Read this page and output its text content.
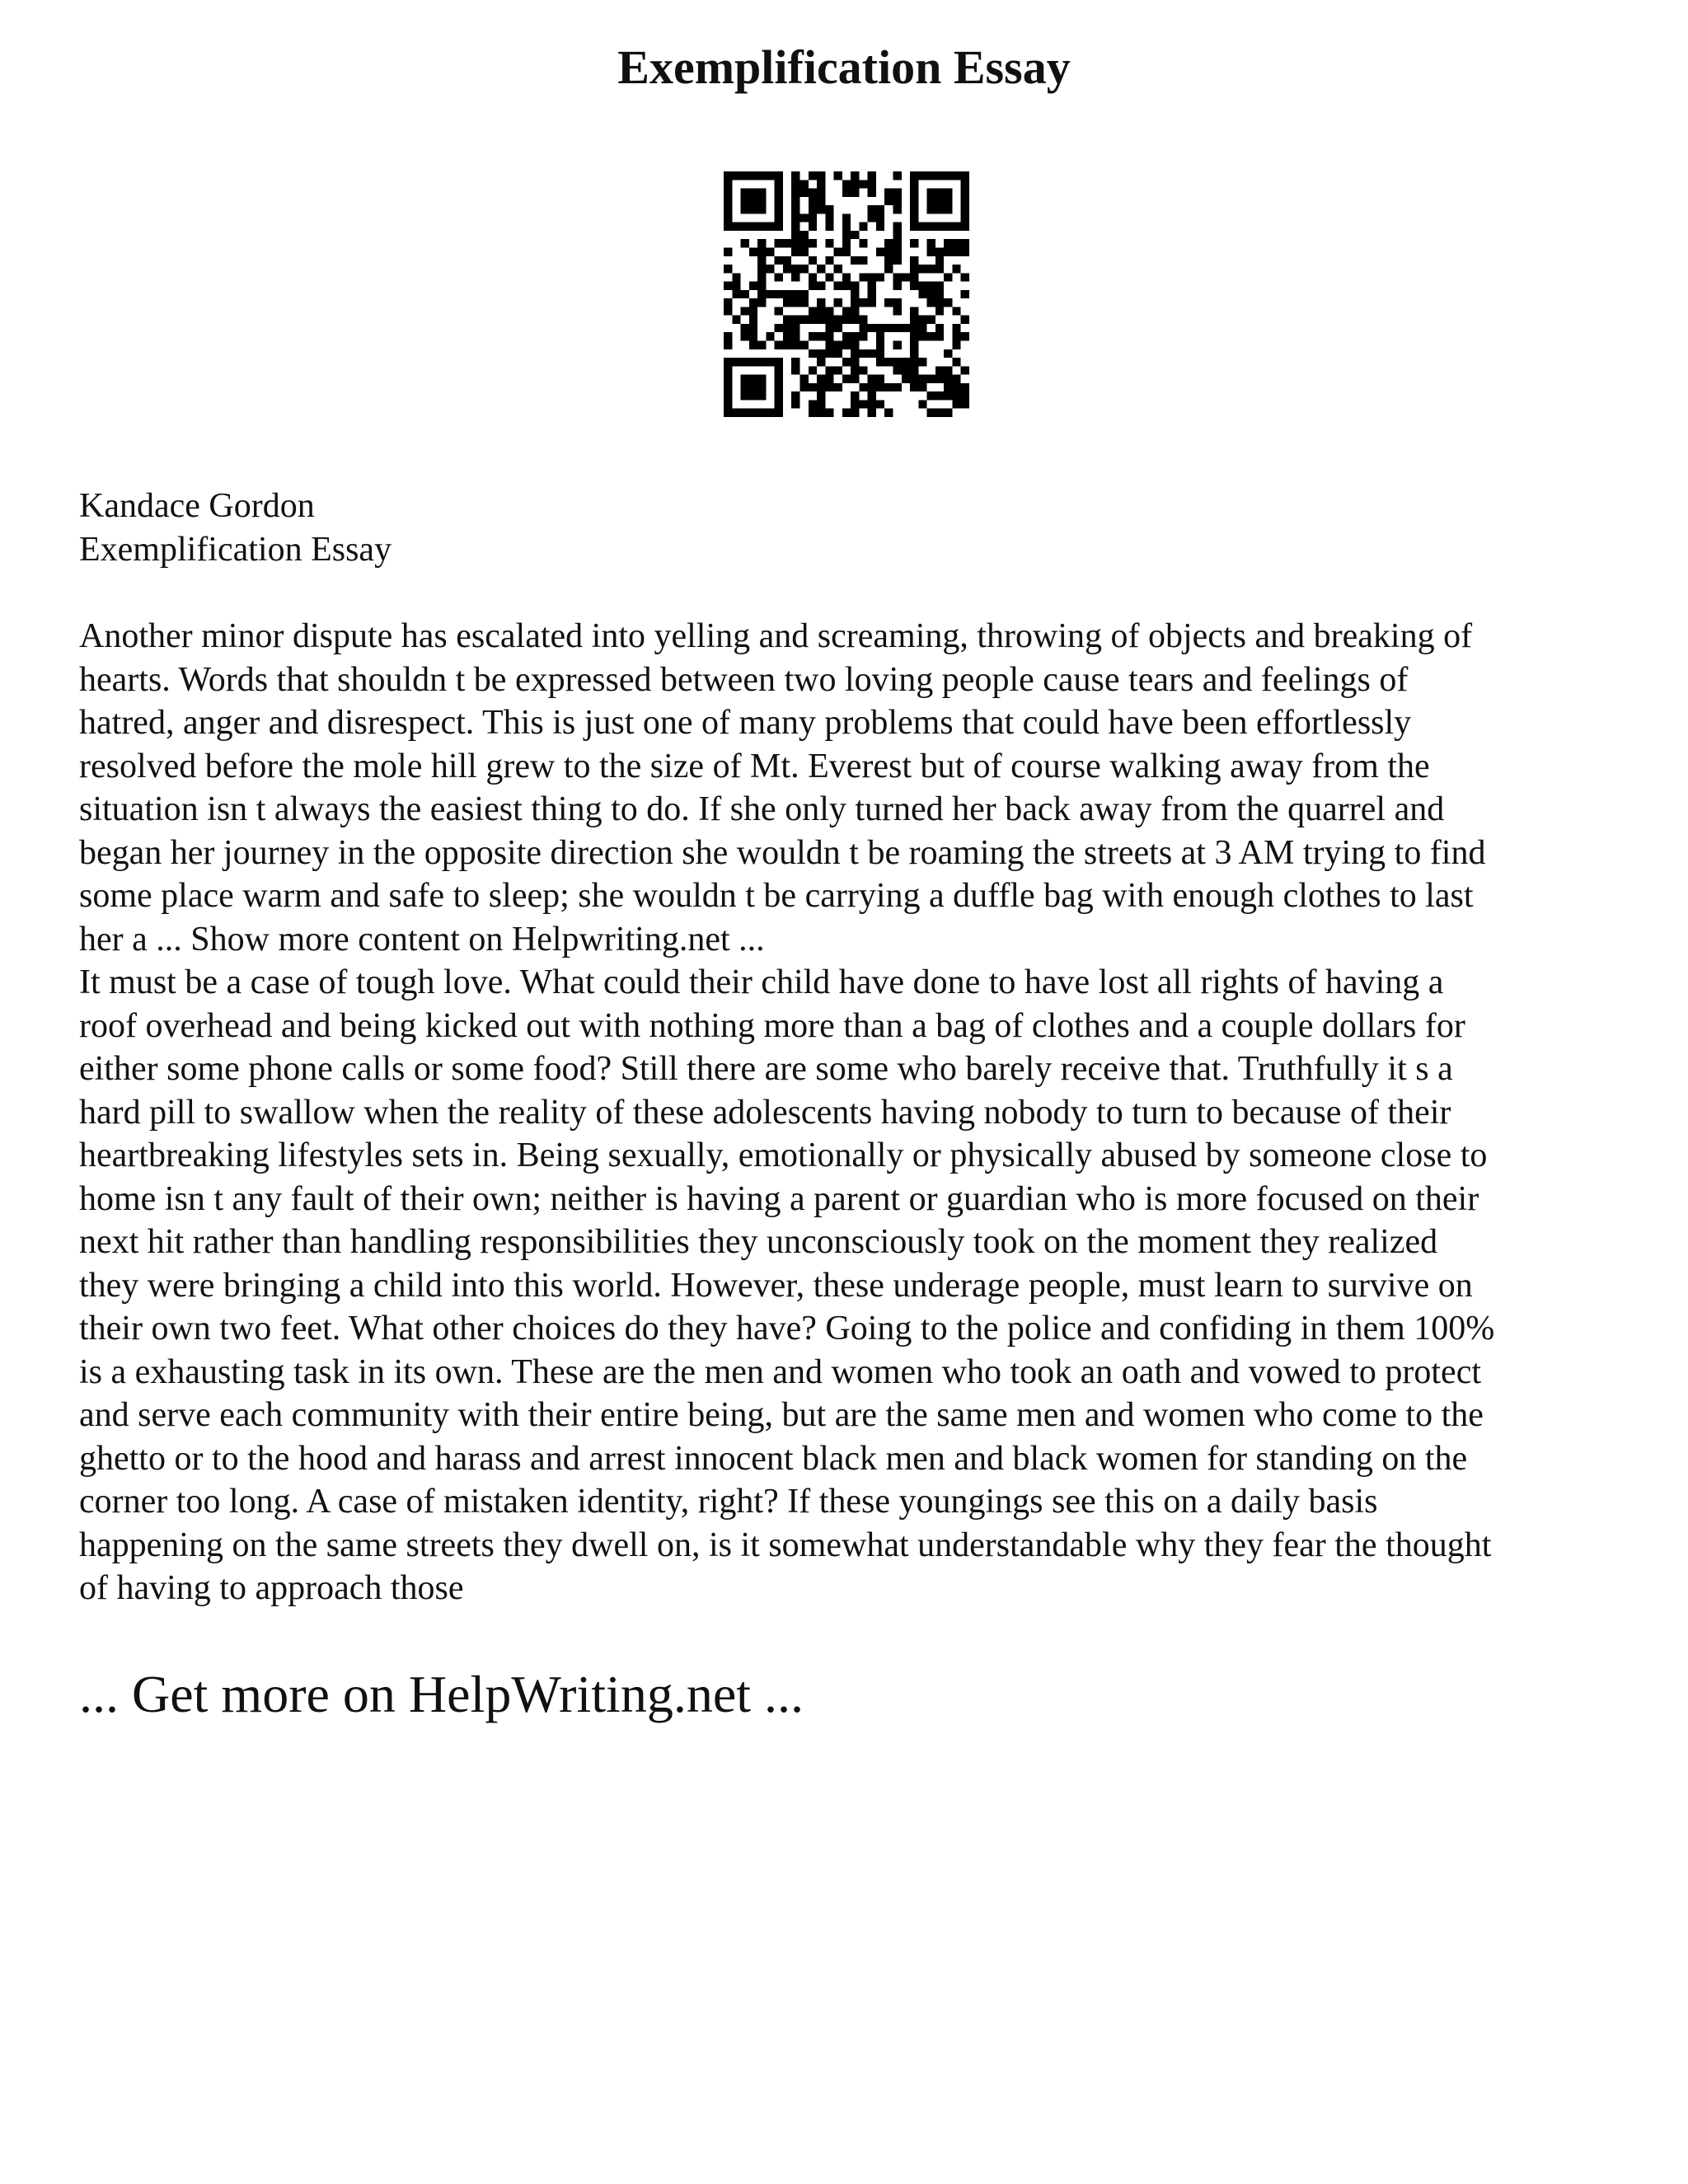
Exemplification Essay
Kandace Gordon
Exemplification Essay
Another minor dispute has escalated into yelling and screaming, throwing of objects and breaking of
hearts. Words that shouldn t be expressed between two loving people cause tears and feelings of
hatred, anger and disrespect. This is just one of many problems that could have been effortlessly
resolved before the mole hill grew to the size of Mt. Everest but of course walking away from the
situation isn t always the easiest thing to do. If she only turned her back away from the quarrel and
began her journey in the opposite direction she wouldn t be roaming the streets at 3 AM trying to find
some place warm and safe to sleep; she wouldn t be carrying a duffle bag with enough clothes to last
her a ... Show more content on Helpwriting.net ...
It must be a case of tough love. What could their child have done to have lost all rights of having a
roof overhead and being kicked out with nothing more than a bag of clothes and a couple dollars for
either some phone calls or some food? Still there are some who barely receive that. Truthfully it s a
hard pill to swallow when the reality of these adolescents having nobody to turn to because of their
heartbreaking lifestyles sets in. Being sexually, emotionally or physically abused by someone close to
home isn t any fault of their own; neither is having a parent or guardian who is more focused on their
next hit rather than handling responsibilities they unconsciously took on the moment they realized
they were bringing a child into this world. However, these underage people, must learn to survive on
their own two feet. What other choices do they have? Going to the police and confiding in them 100%
is a exhausting task in its own. These are the men and women who took an oath and vowed to protect
and serve each community with their entire being, but are the same men and women who come to the
ghetto or to the hood and harass and arrest innocent black men and black women for standing on the
corner too long. A case of mistaken identity, right? If these youngings see this on a daily basis
happening on the same streets they dwell on, is it somewhat understandable why they fear the thought
of having to approach those
... Get more on HelpWriting.net ...
